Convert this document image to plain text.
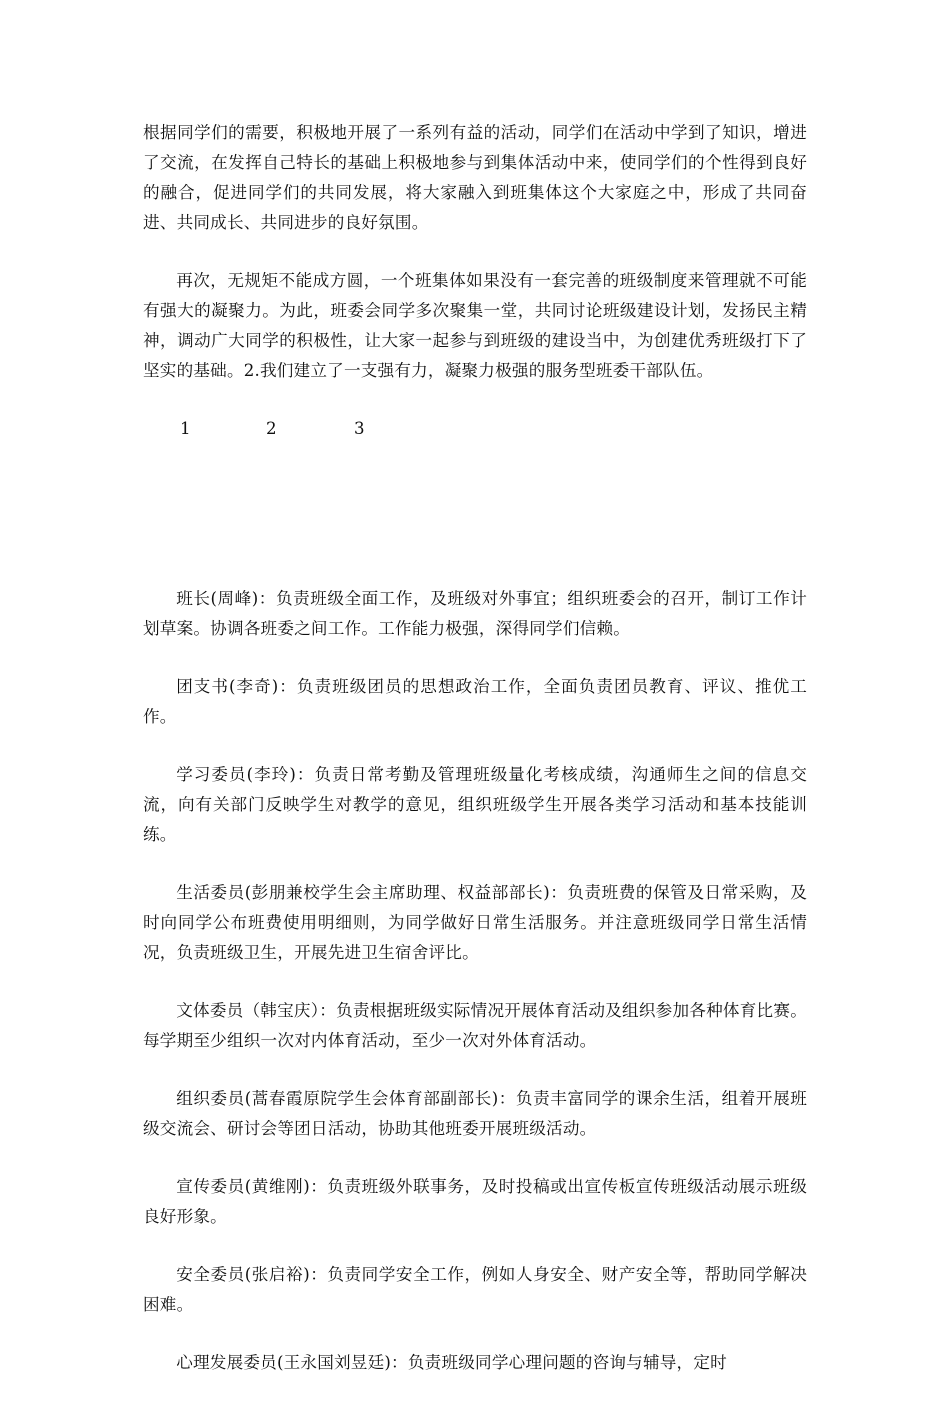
根据同学们的需要，积极地开展了一系列有益的活动，同学们在活动中学到了知识，增进了交流，在发挥自己特长的基础上积极地参与到集体活动中来，使同学们的个性得到良好的融合，促进同学们的共同发展，将大家融入到班集体这个大家庭之中，形成了共同奋进、共同成长、共同进步的良好氛围。

再次，无规矩不能成方圆，一个班集体如果没有一套完善的班级制度来管理就不可能有强大的凝聚力。为此，班委会同学多次聚集一堂，共同讨论班级建设计划，发扬民主精神，调动广大同学的积极性，让大家一起参与到班级的建设当中，为创建优秀班级打下了坚实的基础。2.我们建立了一支强有力，凝聚力极强的服务型班委干部队伍。

1	2	3

班长(周峰)：负责班级全面工作，及班级对外事宜；组织班委会的召开，制订工作计划草案。协调各班委之间工作。工作能力极强，深得同学们信赖。

团支书(李奇)：负责班级团员的思想政治工作，全面负责团员教育、评议、推优工作。

学习委员(李玲)：负责日常考勤及管理班级量化考核成绩，沟通师生之间的信息交流，向有关部门反映学生对教学的意见，组织班级学生开展各类学习活动和基本技能训练。

生活委员(彭朋兼校学生会主席助理、权益部部长)：负责班费的保管及日常采购，及时向同学公布班费使用明细则，为同学做好日常生活服务。并注意班级同学日常生活情况，负责班级卫生，开展先进卫生宿舍评比。

文体委员（韩宝庆）：负责根据班级实际情况开展体育活动及组织参加各种体育比赛。每学期至少组织一次对内体育活动，至少一次对外体育活动。

组织委员(蒿春霞原院学生会体育部副部长)：负责丰富同学的课余生活，组着开展班级交流会、研讨会等团日活动，协助其他班委开展班级活动。

宣传委员(黄维刚)：负责班级外联事务，及时投稿或出宣传板宣传班级活动展示班级良好形象。

安全委员(张启裕)：负责同学安全工作，例如人身安全、财产安全等，帮助同学解决困难。

心理发展委员(王永国刘昱廷)：负责班级同学心理问题的咨询与辅导，定时
